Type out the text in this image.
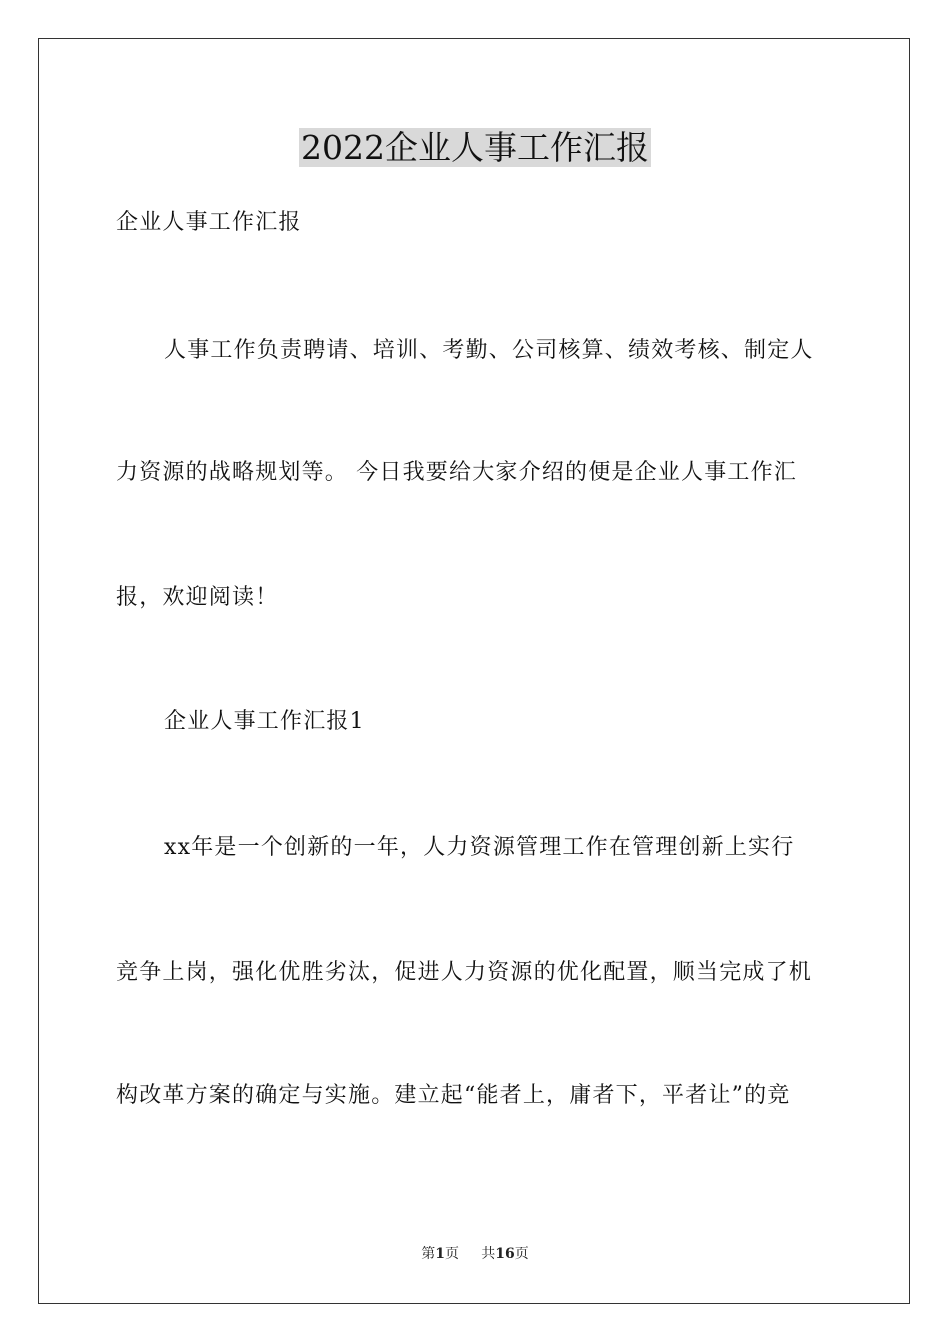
2022企业人事工作汇报
企业人事工作汇报
人事工作负责聘请、培训、考勤、公司核算、绩效考核、制定人
力资源的战略规划等。 今日我要给大家介绍的便是企业人事工作汇
报，欢迎阅读！
企业人事工作汇报1
xx年是一个创新的一年，人力资源管理工作在管理创新上实行
竞争上岗，强化优胜劣汰，促进人力资源的优化配置，顺当完成了机
构改革方案的确定与实施。建立起“能者上，庸者下，平者让”的竞
第1页 共16页
